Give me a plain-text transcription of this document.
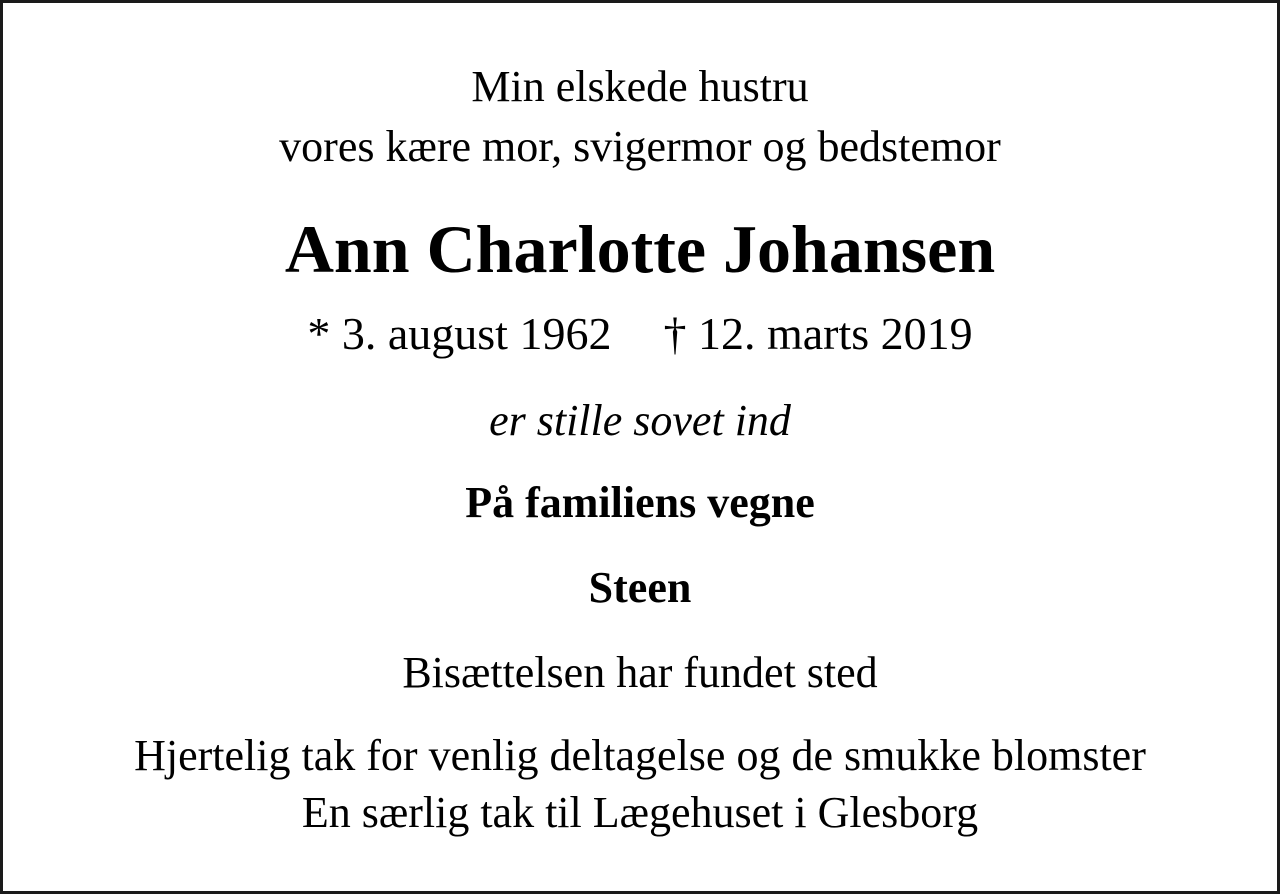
Min elskede hustru
vores kære mor, svigermor og bedstemor
Ann Charlotte Johansen
* 3. august 1962 † 12. marts 2019
er stille sovet ind
På familiens vegne
Steen
Bisættelsen har fundet sted
Hjertelig tak for venlig deltagelse og de smukke blomster
En særlig tak til Lægehuset i Glesborg
